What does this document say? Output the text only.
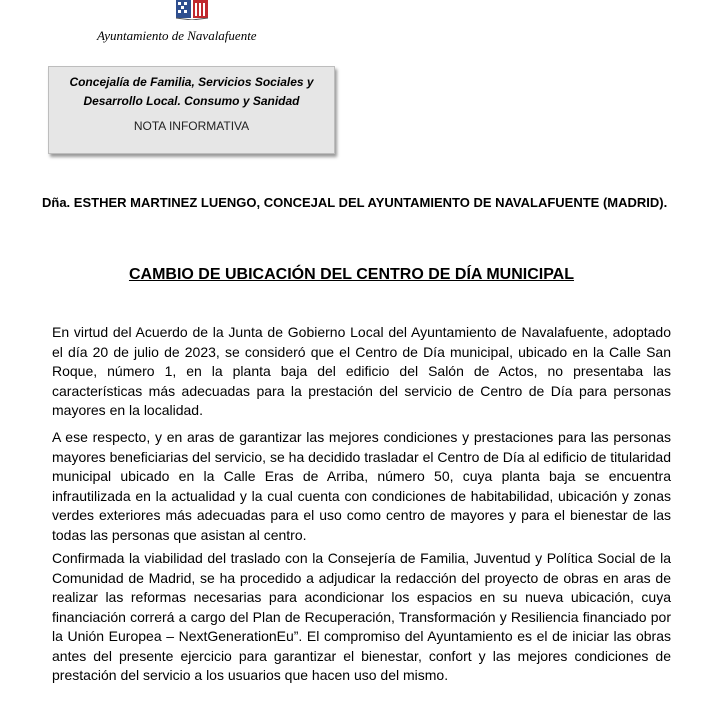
Ayuntamiento de Navalafuente
Concejalía de Familia, Servicios Sociales y
Desarrollo Local. Consumo y Sanidad
NOTA INFORMATIVA
Dña. ESTHER MARTINEZ LUENGO, CONCEJAL DEL AYUNTAMIENTO DE NAVALAFUENTE (MADRID).
CAMBIO DE UBICACIÓN DEL CENTRO DE DÍA MUNICIPAL
En virtud del Acuerdo de la Junta de Gobierno Local del Ayuntamiento de Navalafuente, adoptado el día 20 de julio de 2023, se consideró que el Centro de Día municipal, ubicado en la Calle San Roque, número 1, en la planta baja del edificio del Salón de Actos, no presentaba las características más adecuadas para la prestación del servicio de Centro de Día para personas mayores en la localidad.
A ese respecto, y en aras de garantizar las mejores condiciones y prestaciones para las personas mayores beneficiarias del servicio, se ha decidido trasladar el Centro de Día al edificio de titularidad municipal ubicado en la Calle Eras de Arriba, número 50, cuya planta baja se encuentra infrautilizada en la actualidad y la cual cuenta con condiciones de habitabilidad, ubicación y zonas verdes exteriores más adecuadas para el uso como centro de mayores y para el bienestar de las todas las personas que asistan al centro.
Confirmada la viabilidad del traslado con la Consejería de Familia, Juventud y Política Social de la Comunidad de Madrid, se ha procedido a adjudicar la redacción del proyecto de obras en aras de realizar las reformas necesarias para acondicionar los espacios en su nueva ubicación, cuya financiación correrá a cargo del Plan de Recuperación, Transformación y Resiliencia financiado por la Unión Europea – NextGenerationEu”. El compromiso del Ayuntamiento es el de iniciar las obras antes del presente ejercicio para garantizar el bienestar, confort y las mejores condiciones de prestación del servicio a los usuarios que hacen uso del mismo.
